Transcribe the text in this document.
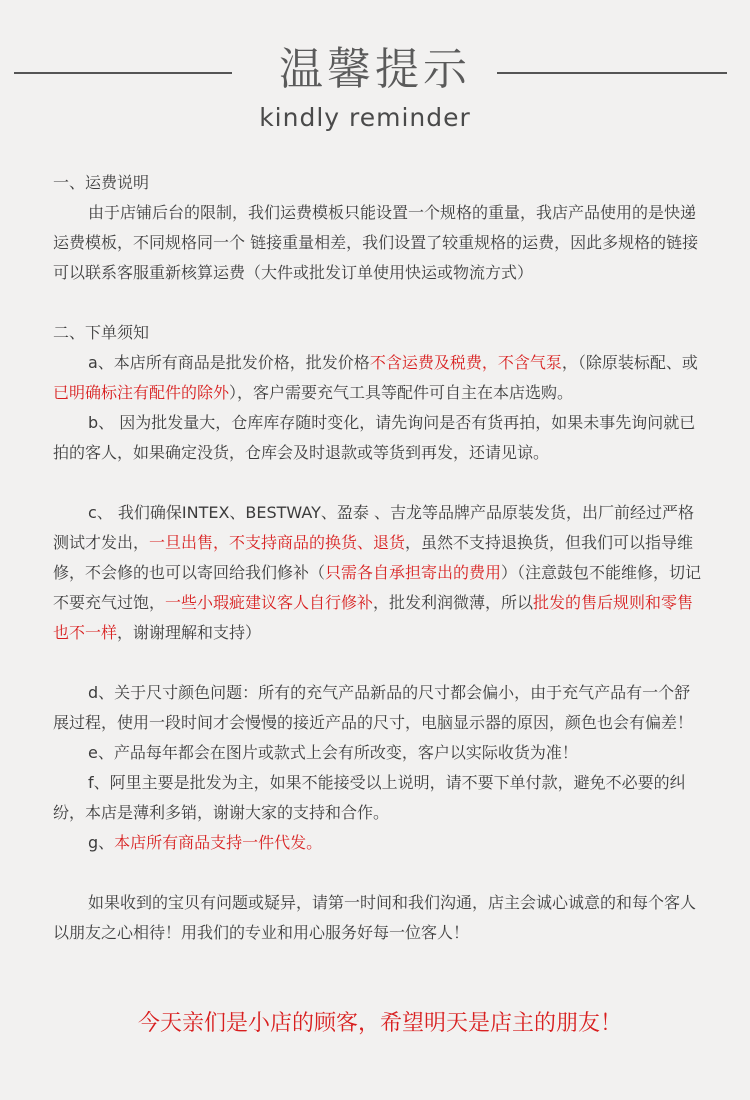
温馨提示
kindly reminder

一、运费说明

由于店铺后台的限制，我们运费模板只能设置一个规格的重量，我店产品使用的是快递运费模板，不同规格同一个 链接重量相差，我们设置了较重规格的运费，因此多规格的链接可以联系客服重新核算运费（大件或批发订单使用快运或物流方式）

二、下单须知

a、本店所有商品是批发价格，批发价格不含运费及税费，不含气泵，（除原装标配、或已明确标注有配件的除外），客户需要充气工具等配件可自主在本店选购。

b、 因为批发量大，仓库库存随时变化，请先询问是否有货再拍，如果未事先询问就已拍的客人，如果确定没货，仓库会及时退款或等货到再发，还请见谅。

c、 我们确保INTEX、BESTWAY、盈泰 、吉龙等品牌产品原装发货，出厂前经过严格测试才发出，一旦出售，不支持商品的换货、退货，虽然不支持退换货，但我们可以指导维修，不会修的也可以寄回给我们修补（只需各自承担寄出的费用）（注意鼓包不能维修，切记不要充气过饱，一些小瑕疵建议客人自行修补，批发利润微薄，所以批发的售后规则和零售也不一样，谢谢理解和支持）

d、关于尺寸颜色问题：所有的充气产品新品的尺寸都会偏小，由于充气产品有一个舒展过程，使用一段时间才会慢慢的接近产品的尺寸，电脑显示器的原因，颜色也会有偏差！

e、产品每年都会在图片或款式上会有所改变，客户以实际收货为准！

f、阿里主要是批发为主，如果不能接受以上说明，请不要下单付款，避免不必要的纠纷，本店是薄利多销，谢谢大家的支持和合作。

g、本店所有商品支持一件代发。

如果收到的宝贝有问题或疑异，请第一时间和我们沟通，店主会诚心诚意的和每个客人以朋友之心相待！用我们的专业和用心服务好每一位客人！

今天亲们是小店的顾客，希望明天是店主的朋友！
